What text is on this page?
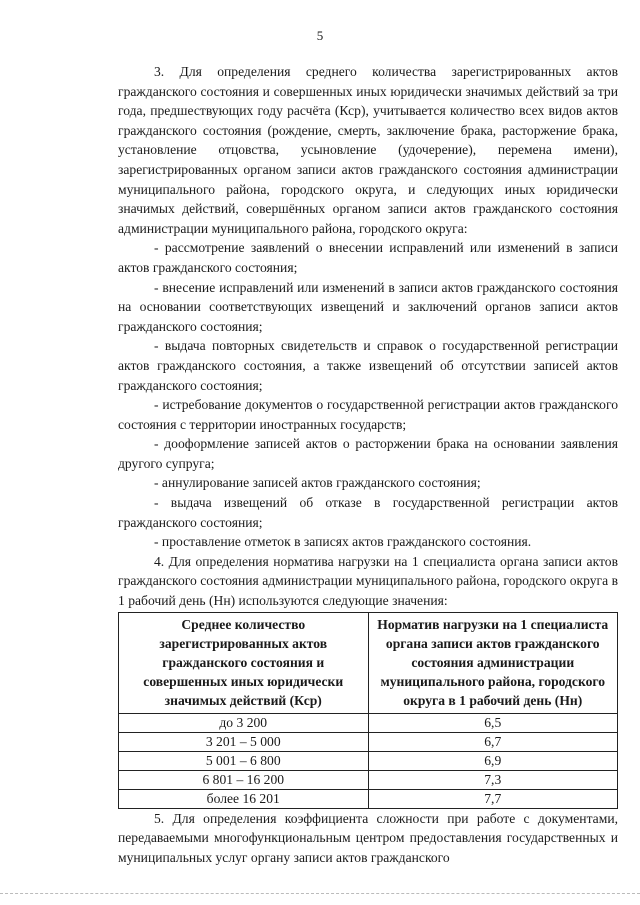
5

3. Для определения среднего количества зарегистрированных актов гражданского состояния и совершенных иных юридически значимых действий за три года, предшествующих году расчёта (Кср), учитывается количество всех видов актов гражданского состояния (рождение, смерть, заключение брака, расторжение брака, установление отцовства, усыновление (удочерение), перемена имени), зарегистрированных органом записи актов гражданского состояния администрации муниципального района, городского округа, и следующих иных юридически значимых действий, совершённых органом записи актов гражданского состояния администрации муниципального района, городского округа:

- рассмотрение заявлений о внесении исправлений или изменений в записи актов гражданского состояния;

- внесение исправлений или изменений в записи актов гражданского состояния на основании соответствующих извещений и заключений органов записи актов гражданского состояния;

- выдача повторных свидетельств и справок о государственной регистрации актов гражданского состояния, а также извещений об отсутствии записей актов гражданского состояния;

- истребование документов о государственной регистрации актов гражданского состояния с территории иностранных государств;

- дооформление записей актов о расторжении брака на основании заявления другого супруга;

- аннулирование записей актов гражданского состояния;

- выдача извещений об отказе в государственной регистрации актов гражданского состояния;

- проставление отметок в записях актов гражданского состояния.

4. Для определения норматива нагрузки на 1 специалиста органа записи актов гражданского состояния администрации муниципального района, городского округа в 1 рабочий день (Нн) используются следующие значения:

Среднее количество зарегистрированных актов гражданского состояния и совершенных иных юридически значимых действий (Кср)	Норматив нагрузки на 1 специалиста органа записи актов гражданского состояния администрации муниципального района, городского округа в 1 рабочий день (Нн)
до 3 200	6,5
3 201 – 5 000	6,7
5 001 – 6 800	6,9
6 801 – 16 200	7,3
более 16 201	7,7

5. Для определения коэффициента сложности при работе с документами, передаваемыми многофункциональным центром предоставления государственных и муниципальных услуг органу записи актов гражданского
